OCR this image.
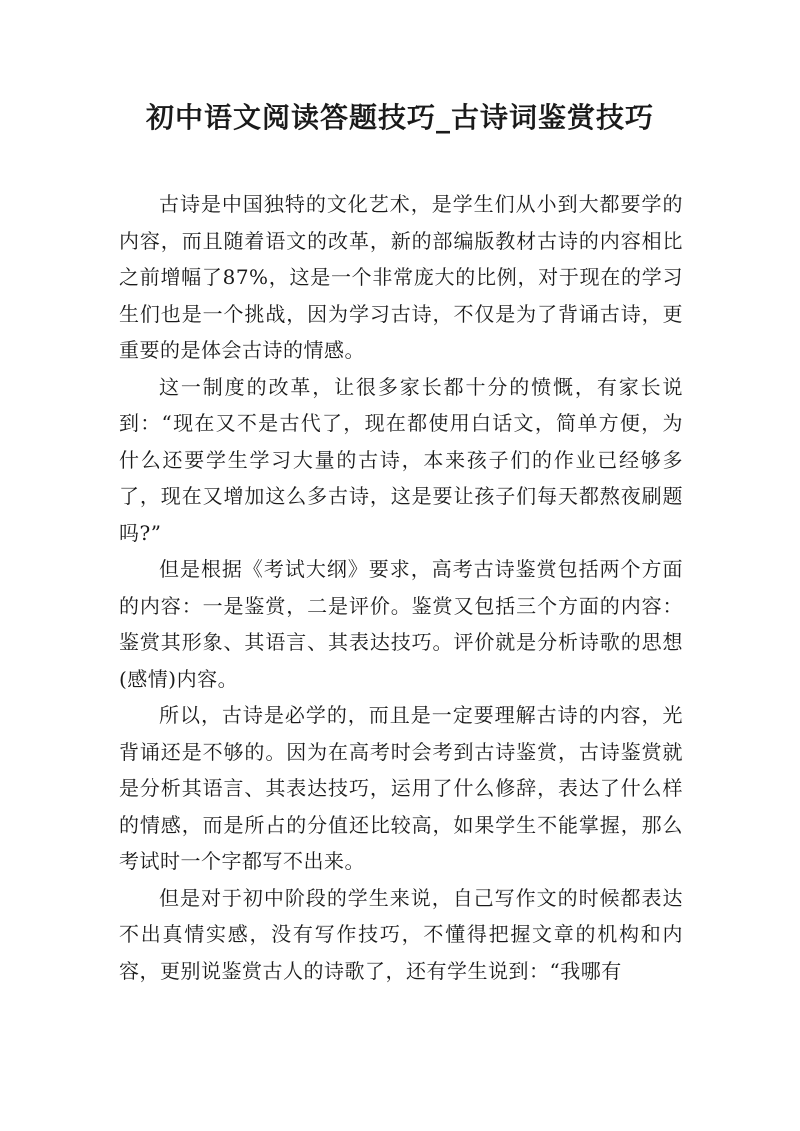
初中语文阅读答题技巧_古诗词鉴赏技巧

古诗是中国独特的文化艺术，是学生们从小到大都要学的内容，而且随着语文的改革，新的部编版教材古诗的内容相比之前增幅了87%，这是一个非常庞大的比例，对于现在的学习生们也是一个挑战，因为学习古诗，不仅是为了背诵古诗，更重要的是体会古诗的情感。

这一制度的改革，让很多家长都十分的愤慨，有家长说到：“现在又不是古代了，现在都使用白话文，简单方便，为什么还要学生学习大量的古诗，本来孩子们的作业已经够多了，现在又增加这么多古诗，这是要让孩子们每天都熬夜刷题吗?”

但是根据《考试大纲》要求，高考古诗鉴赏包括两个方面的内容：一是鉴赏，二是评价。鉴赏又包括三个方面的内容：鉴赏其形象、其语言、其表达技巧。评价就是分析诗歌的思想(感情)内容。

所以，古诗是必学的，而且是一定要理解古诗的内容，光背诵还是不够的。因为在高考时会考到古诗鉴赏，古诗鉴赏就是分析其语言、其表达技巧，运用了什么修辞，表达了什么样的情感，而是所占的分值还比较高，如果学生不能掌握，那么考试时一个字都写不出来。

但是对于初中阶段的学生来说，自己写作文的时候都表达不出真情实感，没有写作技巧，不懂得把握文章的机构和内容，更别说鉴赏古人的诗歌了，还有学生说到：“我哪有
